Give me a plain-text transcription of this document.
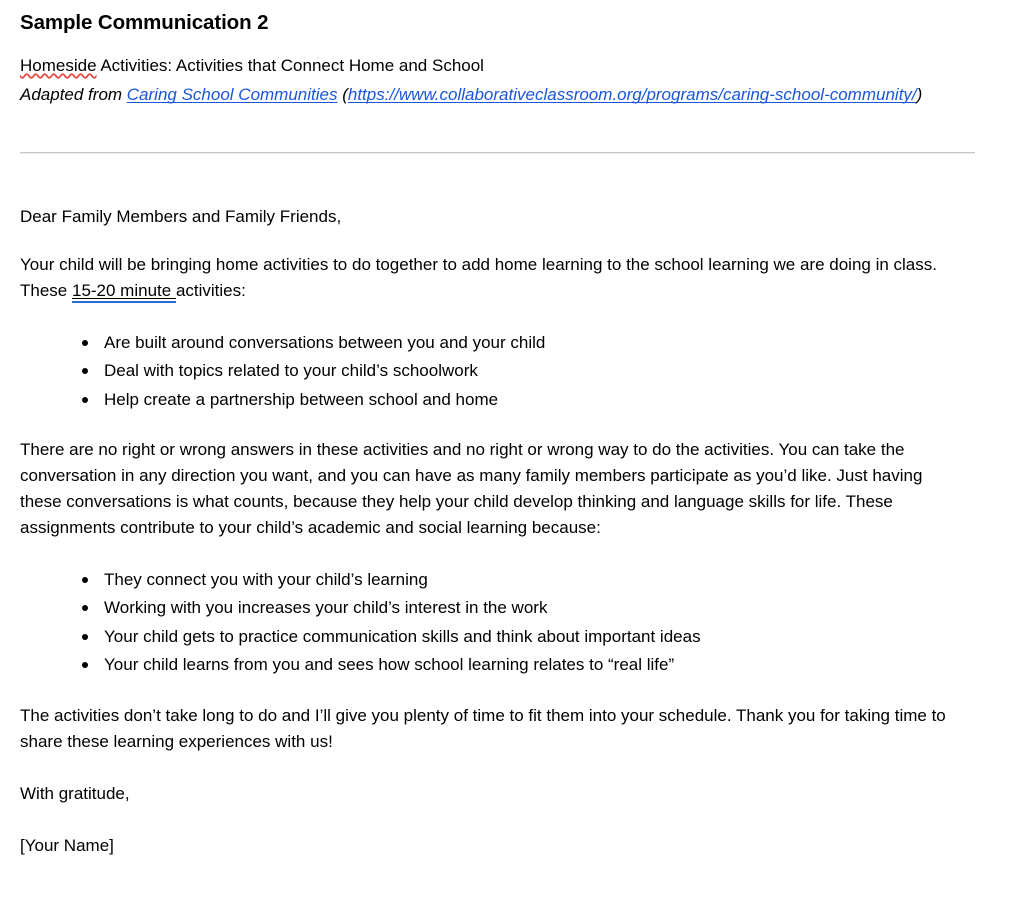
Sample Communication 2

Homeside Activities: Activities that Connect Home and School

Adapted from Caring School Communities (https://www.collaborativeclassroom.org/programs/caring-school-community/)

Dear Family Members and Family Friends,

Your child will be bringing home activities to do together to add home learning to the school learning we are doing in class. These 15-20 minute activities:

Are built around conversations between you and your child
Deal with topics related to your child’s schoolwork
Help create a partnership between school and home

There are no right or wrong answers in these activities and no right or wrong way to do the activities. You can take the conversation in any direction you want, and you can have as many family members participate as you’d like. Just having these conversations is what counts, because they help your child develop thinking and language skills for life. These assignments contribute to your child’s academic and social learning because:

They connect you with your child’s learning
Working with you increases your child’s interest in the work
Your child gets to practice communication skills and think about important ideas
Your child learns from you and sees how school learning relates to “real life”

The activities don’t take long to do and I’ll give you plenty of time to fit them into your schedule. Thank you for taking time to share these learning experiences with us!

With gratitude,

[Your Name]
